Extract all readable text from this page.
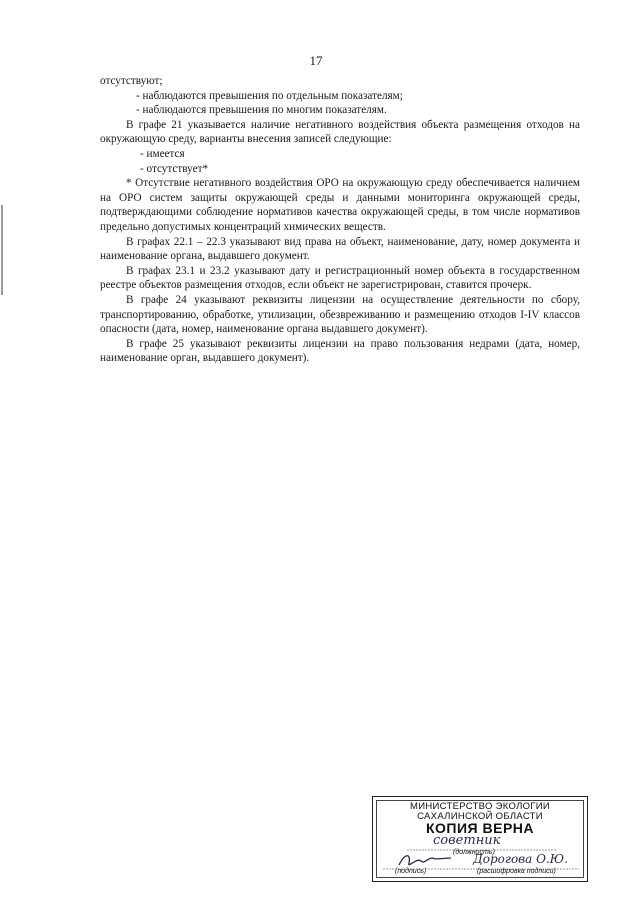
17

отсутствуют;

- наблюдаются превышения по отдельным показателям;

- наблюдаются превышения по многим показателям.

В графе 21 указывается наличие негативного воздействия объекта размещения отходов на окружающую среду, варианты внесения записей следующие:

- имеется

- отсутствует*

* Отсутствие негативного воздействия ОРО на окружающую среду обеспечивается наличием на ОРО систем защиты окружающей среды и данными мониторинга окружающей среды, подтверждающими соблюдение нормативов качества окружающей среды, в том числе нормативов предельно допустимых концентраций химических веществ.

В графах 22.1 – 22.3 указывают вид права на объект, наименование, дату, номер документа и наименование органа, выдавшего документ.

В графах 23.1 и 23.2 указывают дату и регистрационный номер объекта в государственном реестре объектов размещения отходов, если объект не зарегистрирован, ставится прочерк.

В графе 24 указывают реквизиты лицензии на осуществление деятельности по сбору, транспортированию, обработке, утилизации, обезвреживанию и размещению отходов I-IV классов опасности (дата, номер, наименование органа выдавшего документ).

В графе 25 указывают реквизиты лицензии на право пользования недрами (дата, номер, наименование орган, выдавшего документ).

МИНИСТЕРСТВО ЭКОЛОГИИ
САХАЛИНСКОЙ ОБЛАСТИ
КОПИЯ ВЕРНА
советник
(должность)
Дорогова О.Ю.
(подпись)	(расшифровка подписи)
